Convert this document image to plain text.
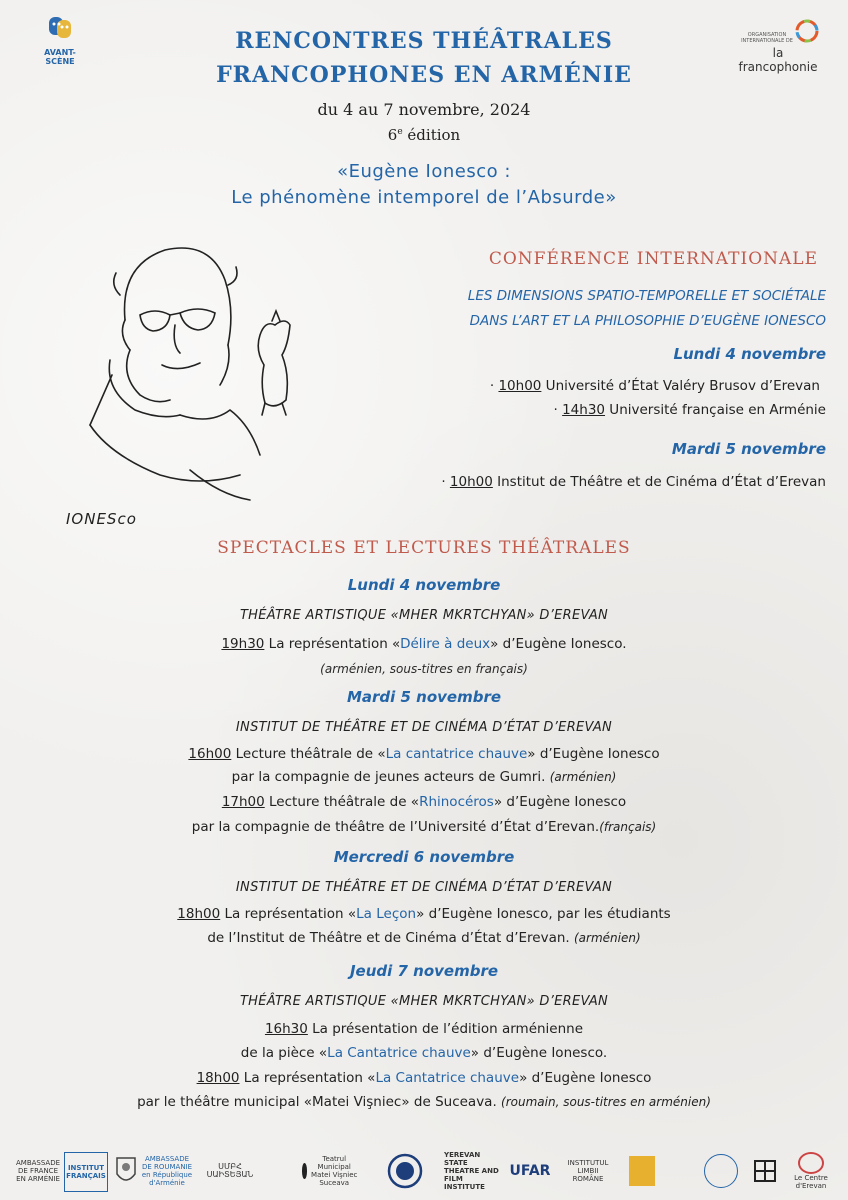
AVANT-SCÈNE
ORGANISATION INTERNATIONALE DE
la francophonie
RENCONTRES THÉÂTRALES
FRANCOPHONES EN ARMÉNIE
du 4 au 7 novembre, 2024
6e édition
«Eugène Ionesco :
Le phénomène intemporel de l’Absurde»
IONESco
CONFÉRENCE INTERNATIONALE
LES DIMENSIONS SPATIO-TEMPORELLE ET SOCIÉTALE
DANS L’ART ET LA PHILOSOPHIE D’EUGÈNE IONESCO
Lundi 4 novembre
· 10h00 Université d’État Valéry Brusov d’Erevan
· 14h30 Université française en Arménie
Mardi 5 novembre
· 10h00 Institut de Théâtre et de Cinéma d’État d’Erevan
SPECTACLES ET LECTURES THÉÂTRALES
Lundi 4 novembre
THÉÂTRE ARTISTIQUE «MHER MKRTCHYAN» D’EREVAN
19h30 La représentation «Délire à deux» d’Eugène Ionesco.
(arménien, sous-titres en français)
Mardi 5 novembre
INSTITUT DE THÉÂTRE ET DE CINÉMA D’ÉTAT D’EREVAN
16h00 Lecture théâtrale de «La cantatrice chauve» d’Eugène Ionesco
par la compagnie de jeunes acteurs de Gumri. (arménien)
17h00 Lecture théâtrale de «Rhinocéros» d’Eugène Ionesco
par la compagnie de théâtre de l’Université d’État d’Erevan.(français)
Mercredi 6 novembre
INSTITUT DE THÉÂTRE ET DE CINÉMA D’ÉTAT D’EREVAN
18h00 La représentation «La Leçon» d’Eugène Ionesco, par les étudiants
de l’Institut de Théâtre et de Cinéma d’État d’Erevan. (arménien)
Jeudi 7 novembre
THÉÂTRE ARTISTIQUE «MHER MKRTCHYAN» D’EREVAN
16h30 La présentation de l’édition arménienne
de la pièce «La Cantatrice chauve» d’Eugène Ionesco.
18h00 La représentation «La Cantatrice chauve» d’Eugène Ionesco
par le théâtre municipal «Matei Vişniec» de Suceava. (roumain, sous-titres en arménien)
AMBASSADE DE FRANCE EN ARMÉNIE
INSTITUT FRANÇAIS
AMBASSADE DE ROUMANIE en République d'Arménie
ՍՄԲՀ ՍԱԻՏԵՅԱՆ
Teatrul Municipal Matei Vişniec Suceava
YEREVAN STATE THEATRE AND FILM INSTITUTE
UFAR	INSTITUTUL LIMBII ROMÂNE	Le Centre d'Erevan
